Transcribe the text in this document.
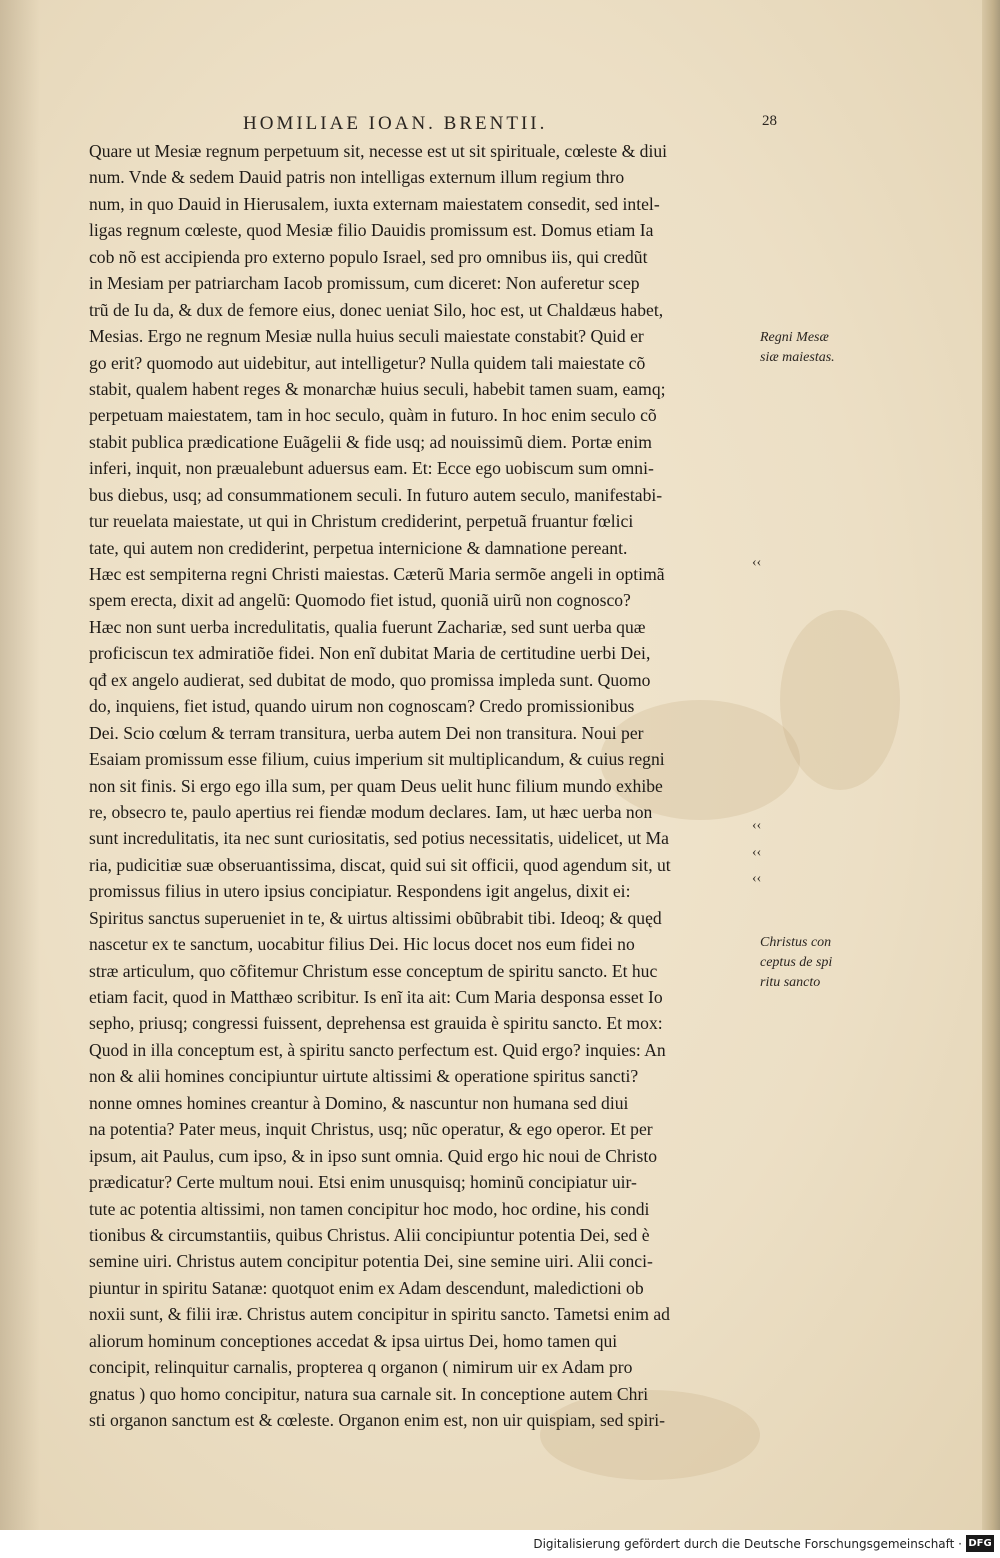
HOMILIAE IOAN. BRENTII.	28
Quare ut Mesiæ regnum perpetuum sit, necesse est ut sit spirituale, cœleste & diui
num. Vnde & sedem Dauid patris non intelligas externum illum regium thro
num, in quo Dauid in Hierusalem, iuxta externam maiestatem consedit, sed intel-
ligas regnum cœleste, quod Mesiæ filio Dauidis promissum est. Domus etiam Ia
cob nõ est accipienda pro externo populo Israel, sed pro omnibus iis, qui credũt
in Mesiam per patriarcham Iacob promissum, cum diceret: Non auferetur scep
trũ de Iu da, & dux de femore eius, donec ueniat Silo, hoc est, ut Chaldæus habet,
Mesias. Ergo ne regnum Mesiæ nulla huius seculi maiestate constabit? Quid er
go erit? quomodo aut uidebitur, aut intelligetur? Nulla quidem tali maiestate cõ
stabit, qualem habent reges & monarchæ huius seculi, habebit tamen suam, eamq;
perpetuam maiestatem, tam in hoc seculo, quàm in futuro. In hoc enim seculo cõ
stabit publica prædicatione Euãgelii & fide usq; ad nouissimũ diem. Portæ enim
inferi, inquit, non præualebunt aduersus eam. Et: Ecce ego uobiscum sum omni-
bus diebus, usq; ad consummationem seculi. In futuro autem seculo, manifestabi-
tur reuelata maiestate, ut qui in Christum crediderint, perpetuã fruantur fœlici
tate, qui autem non crediderint, perpetua internicione & damnatione pereant.
Hæc est sempiterna regni Christi maiestas. Cæterũ Maria sermõe angeli in optimã
spem erecta, dixit ad angelũ: Quomodo fiet istud, quoniã uirũ non cognosco?
Hæc non sunt uerba incredulitatis, qualia fuerunt Zachariæ, sed sunt uerba quæ
proficiscun tex admiratiõe fidei. Non enĩ dubitat Maria de certitudine uerbi Dei,
qđ ex angelo audierat, sed dubitat de modo, quo promissa impleda sunt. Quomo
do, inquiens, fiet istud, quando uirum non cognoscam? Credo promissionibus
Dei. Scio cœlum & terram transitura, uerba autem Dei non transitura. Noui per
Esaiam promissum esse filium, cuius imperium sit multiplicandum, & cuius regni
non sit finis. Si ergo ego illa sum, per quam Deus uelit hunc filium mundo exhibe
re, obsecro te, paulo apertius rei fiendæ modum declares. Iam, ut hæc uerba non
sunt incredulitatis, ita nec sunt curiositatis, sed potius necessitatis, uidelicet, ut Ma
ria, pudicitiæ suæ obseruantissima, discat, quid sui sit officii, quod agendum sit, ut
promissus filius in utero ipsius concipiatur. Respondens igit angelus, dixit ei:
Spiritus sanctus superueniet in te, & uirtus altissimi obũbrabit tibi. Ideoq; & quęd
nascetur ex te sanctum, uocabitur filius Dei. Hic locus docet nos eum fidei no
stræ articulum, quo cõfitemur Christum esse conceptum de spiritu sancto. Et huc
etiam facit, quod in Matthæo scribitur. Is enĩ ita ait: Cum Maria desponsa esset Io
sepho, priusq; congressi fuissent, deprehensa est grauida è spiritu sancto. Et mox:
Quod in illa conceptum est, à spiritu sancto perfectum est. Quid ergo? inquies: An
non & alii homines concipiuntur uirtute altissimi & operatione spiritus sancti?
nonne omnes homines creantur à Domino, & nascuntur non humana sed diui
na potentia? Pater meus, inquit Christus, usq; nũc operatur, & ego operor. Et per
ipsum, ait Paulus, cum ipso, & in ipso sunt omnia. Quid ergo hic noui de Christo
prædicatur? Certe multum noui. Etsi enim unusquisq; hominũ concipiatur uir-
tute ac potentia altissimi, non tamen concipitur hoc modo, hoc ordine, his condi
tionibus & circumstantiis, quibus Christus. Alii concipiuntur potentia Dei, sed è
semine uiri. Christus autem concipitur potentia Dei, sine semine uiri. Alii conci-
piuntur in spiritu Satanæ: quotquot enim ex Adam descendunt, maledictioni ob
noxii sunt, & filii iræ. Christus autem concipitur in spiritu sancto. Tametsi enim ad
aliorum hominum conceptiones accedat & ipsa uirtus Dei, homo tamen qui
concipit, relinquitur carnalis, propterea q organon ( nimirum uir ex Adam pro
gnatus ) quo homo concipitur, natura sua carnale sit. In conceptione autem Chri
sti organon sanctum est & cœleste. Organon enim est, non uir quispiam, sed spiri-
Regni Mesæ
siæ maiestas.
Christus con
ceptus de spi
ritu sancto
‹‹
‹‹
‹‹
‹‹
Digitalisierung gefördert durch die Deutsche Forschungsgemeinschaft · DFG
